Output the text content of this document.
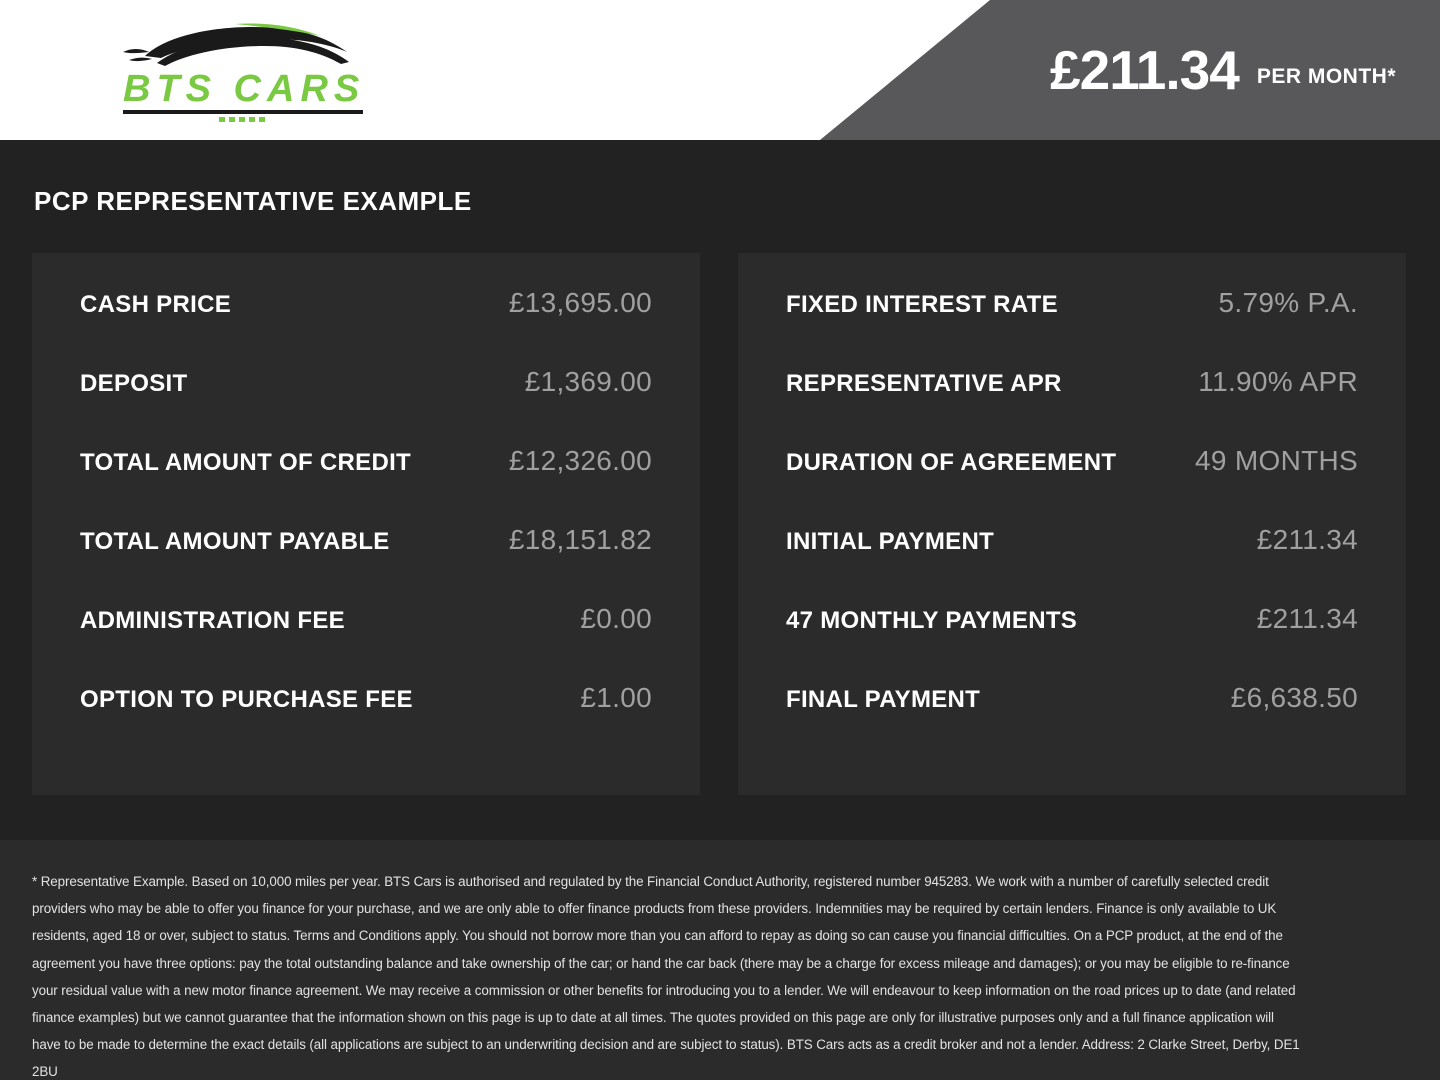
BTS CARS	£211.34 PER MONTH*
PCP REPRESENTATIVE EXAMPLE
CASH PRICE	£13,695.00
DEPOSIT	£1,369.00
TOTAL AMOUNT OF CREDIT	£12,326.00
TOTAL AMOUNT PAYABLE	£18,151.82
ADMINISTRATION FEE	£0.00
OPTION TO PURCHASE FEE	£1.00
FIXED INTEREST RATE	5.79% P.A.
REPRESENTATIVE APR	11.90% APR
DURATION OF AGREEMENT	49 MONTHS
INITIAL PAYMENT	£211.34
47 MONTHLY PAYMENTS	£211.34
FINAL PAYMENT	£6,638.50

* Representative Example. Based on 10,000 miles per year. BTS Cars is authorised and regulated by the Financial Conduct Authority, registered number 945283. We work with a number of carefully selected credit providers who may be able to offer you finance for your purchase, and we are only able to offer finance products from these providers. Indemnities may be required by certain lenders. Finance is only available to UK residents, aged 18 or over, subject to status. Terms and Conditions apply. You should not borrow more than you can afford to repay as doing so can cause you financial difficulties. On a PCP product, at the end of the agreement you have three options: pay the total outstanding balance and take ownership of the car; or hand the car back (there may be a charge for excess mileage and damages); or you may be eligible to re-finance your residual value with a new motor finance agreement. We may receive a commission or other benefits for introducing you to a lender. We will endeavour to keep information on the road prices up to date (and related finance examples) but we cannot guarantee that the information shown on this page is up to date at all times. The quotes provided on this page are only for illustrative purposes only and a full finance application will have to be made to determine the exact details (all applications are subject to an underwriting decision and are subject to status). BTS Cars acts as a credit broker and not a lender. Address: 2 Clarke Street, Derby, DE1 2BU
